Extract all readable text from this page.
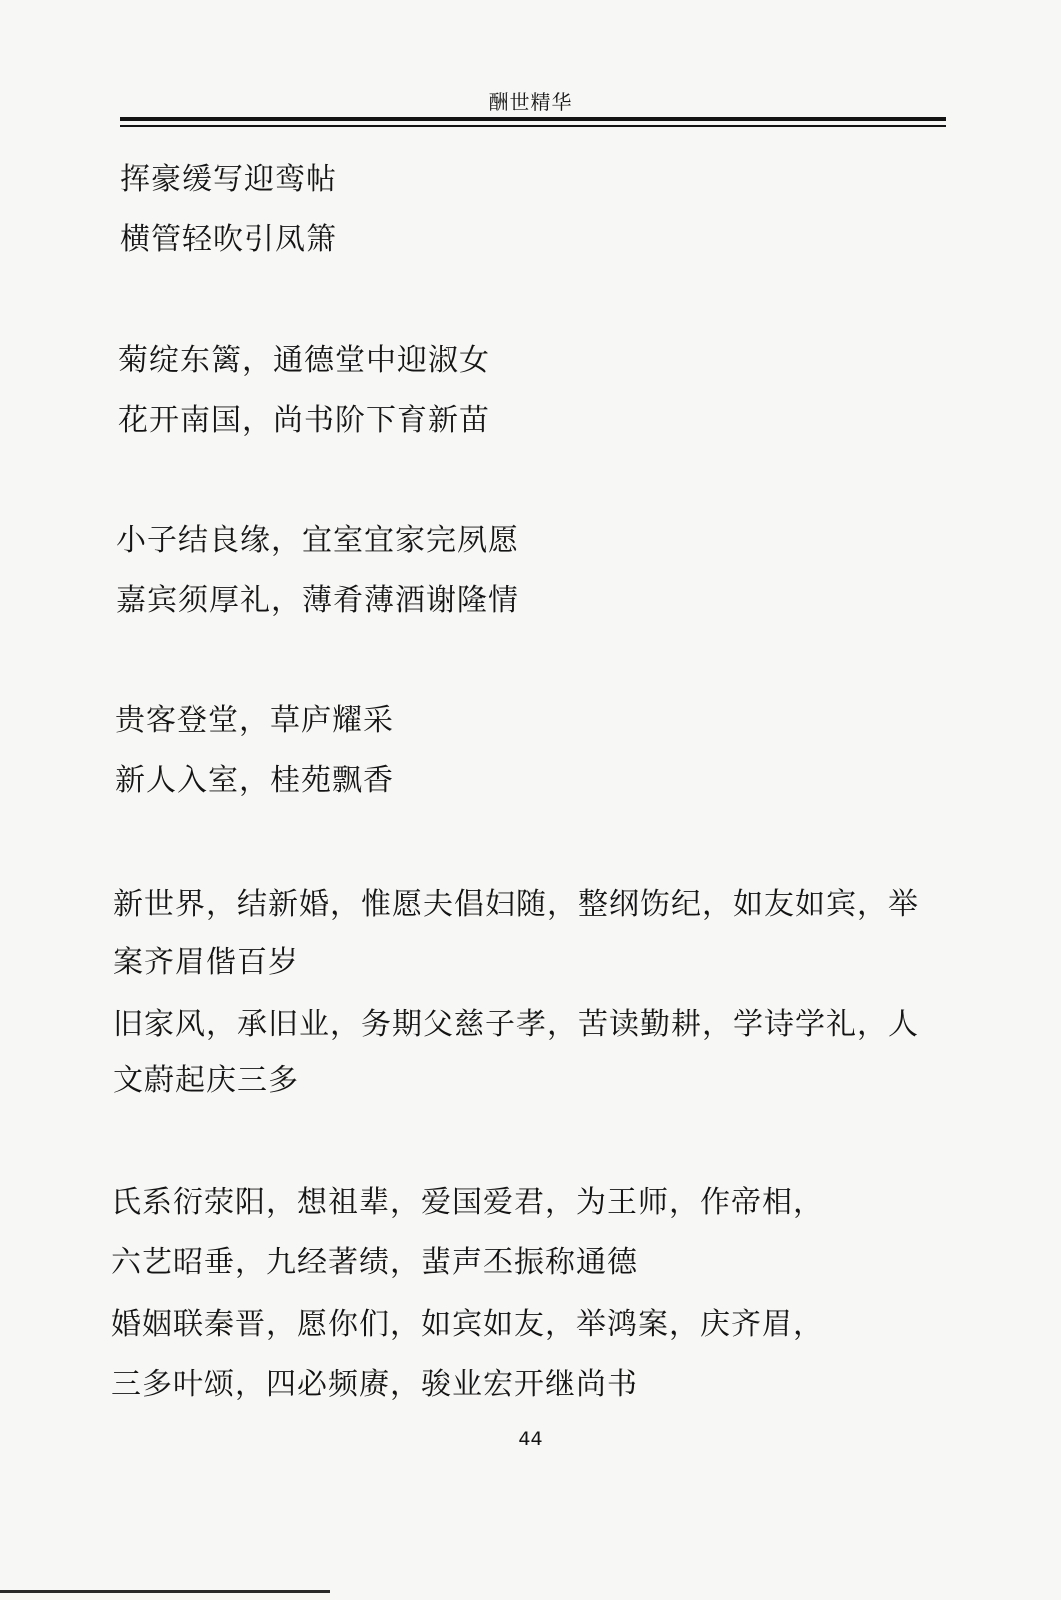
酬世精华
挥豪缓写迎鸾帖
横管轻吹引凤箫
菊绽东篱，通德堂中迎淑女
花开南国，尚书阶下育新苗
小子结良缘，宜室宜家完夙愿
嘉宾须厚礼，薄肴薄酒谢隆情
贵客登堂，草庐耀采
新人入室，桂苑飘香
新世界，结新婚，惟愿夫倡妇随，整纲饬纪，如友如宾，举
案齐眉偕百岁
旧家风，承旧业，务期父慈子孝，苦读勤耕，学诗学礼，人
文蔚起庆三多
氏系衍荥阳，想祖辈，爱国爱君，为王师，作帝相，
六艺昭垂，九经著绩，蜚声丕振称通德
婚姻联秦晋，愿你们，如宾如友，举鸿案，庆齐眉，
三多叶颂，四必频赓，骏业宏开继尚书
44
